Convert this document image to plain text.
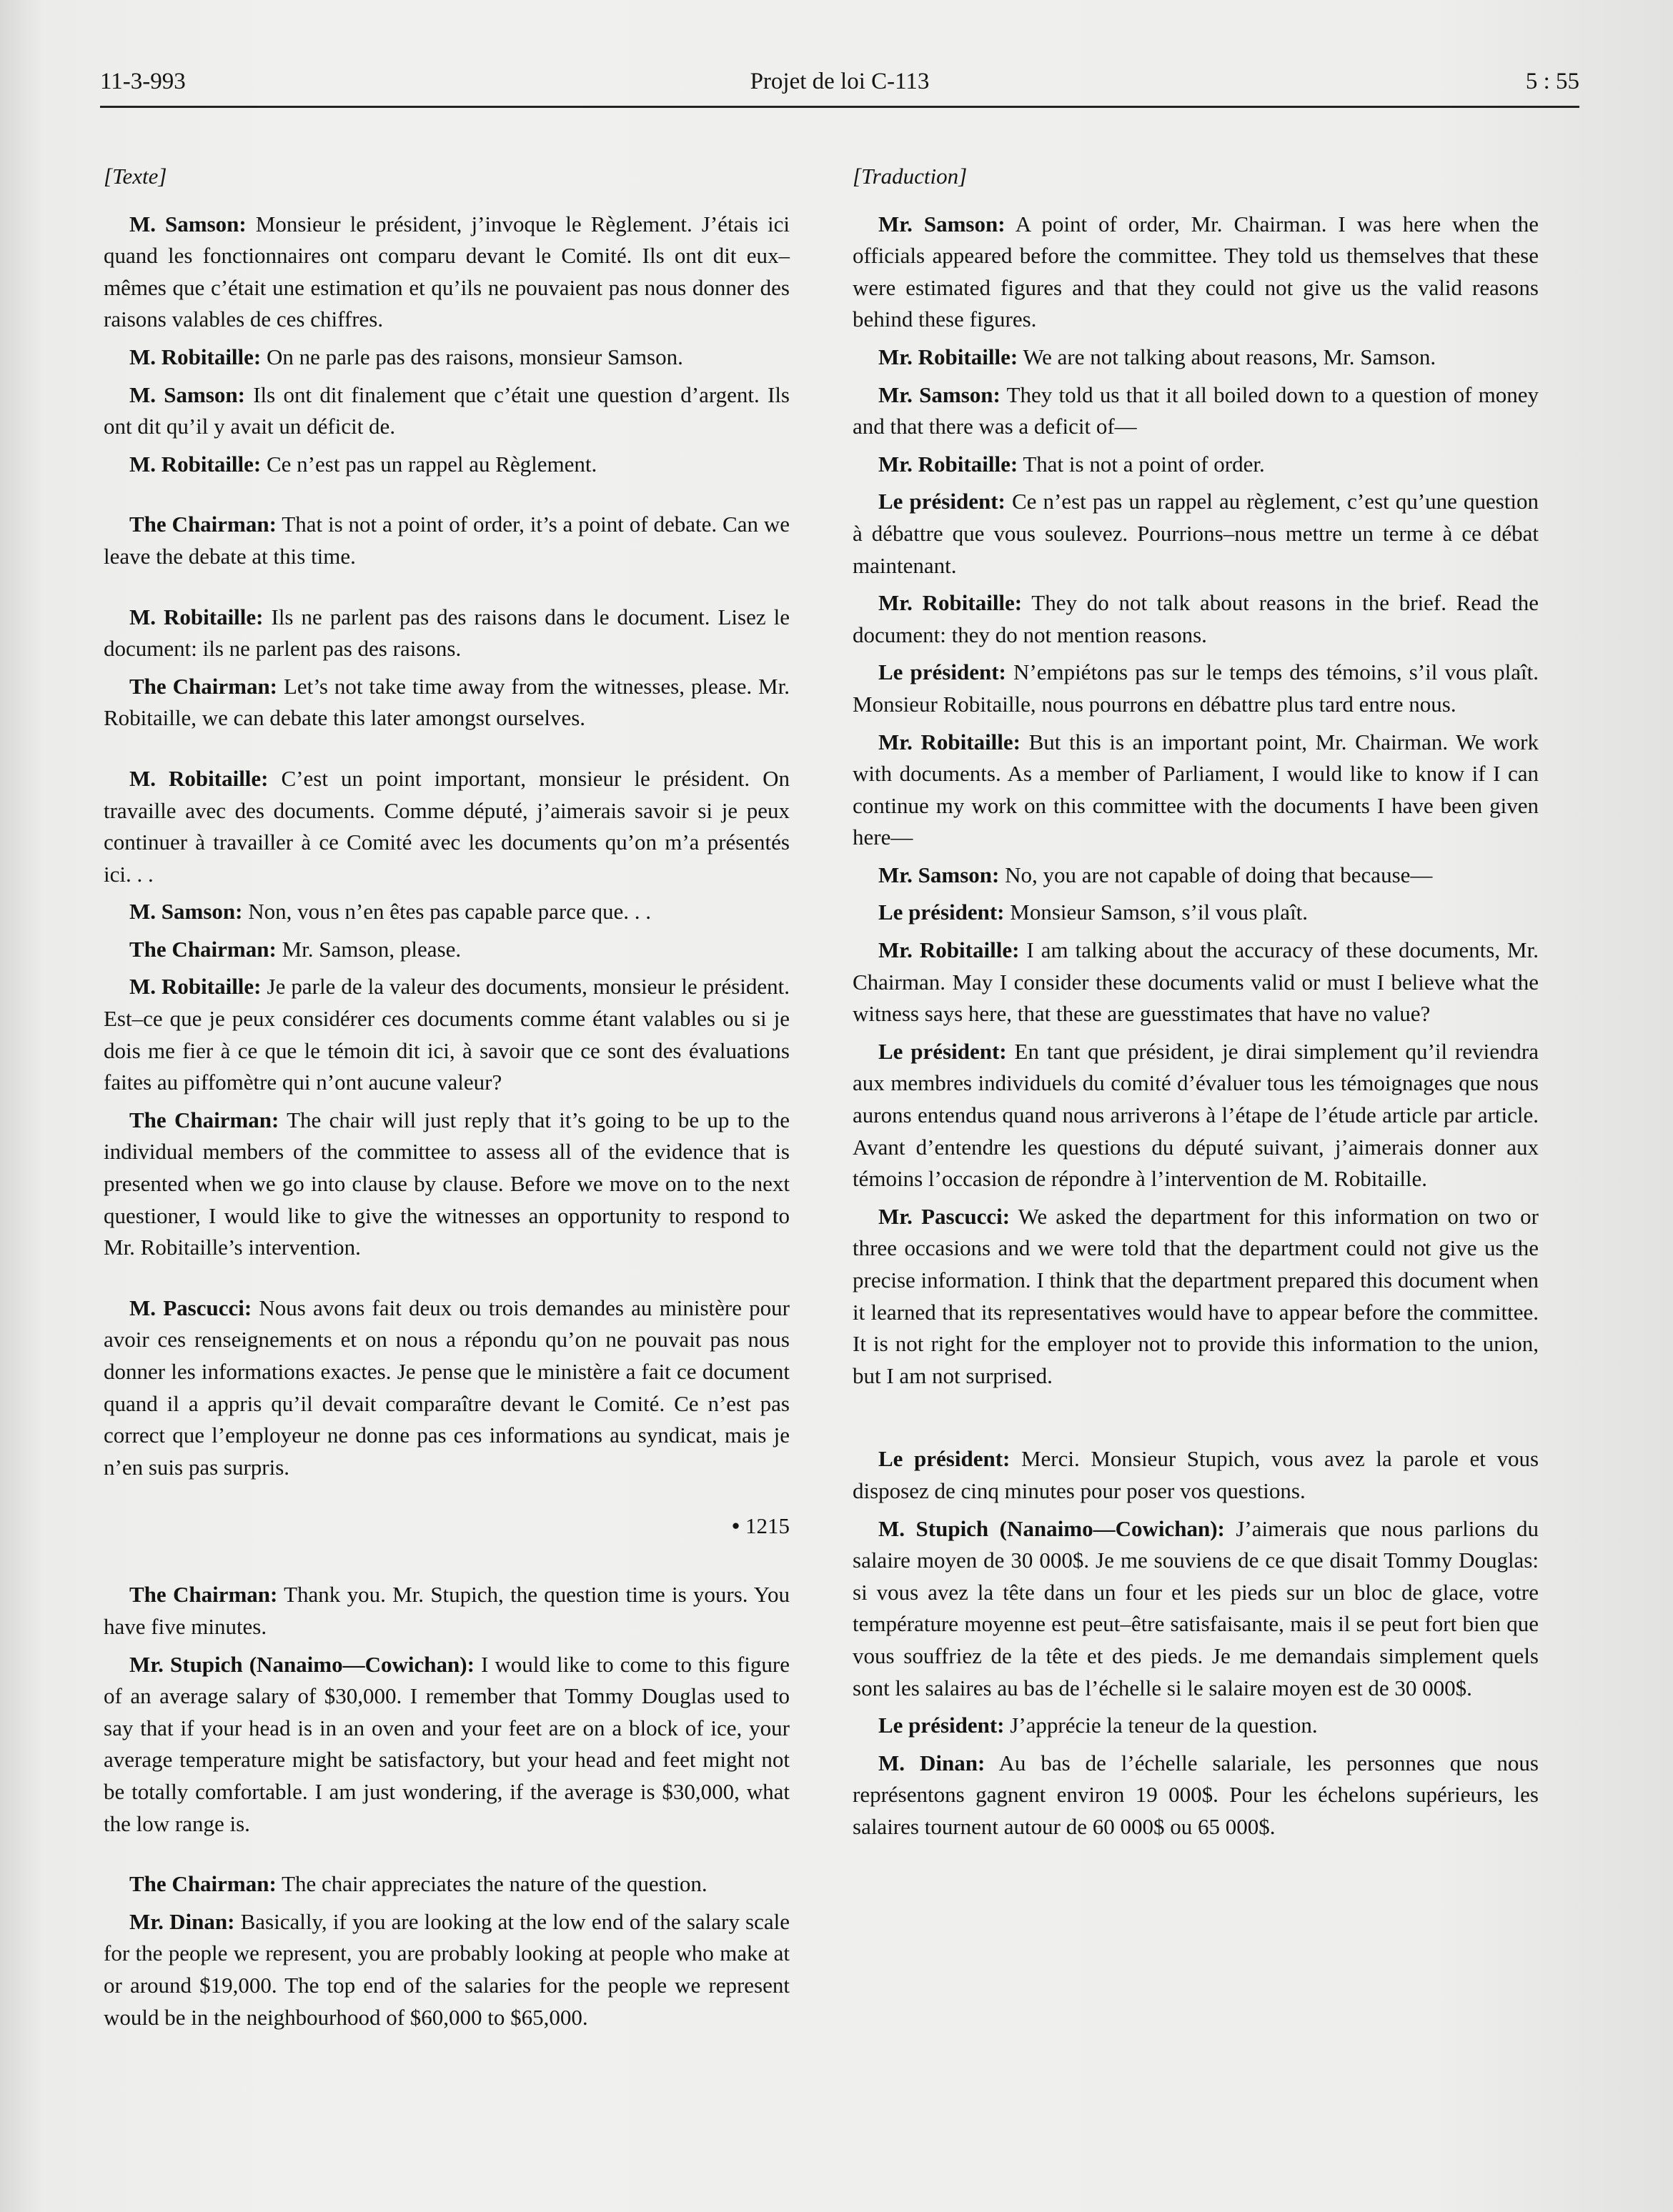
11-3-993	Projet de loi C-113	5 : 55

[Texte]

M. Samson: Monsieur le président, j’invoque le Règlement. J’étais ici quand les fonctionnaires ont comparu devant le Comité. Ils ont dit eux–mêmes que c’était une estimation et qu’ils ne pouvaient pas nous donner des raisons valables de ces chiffres.

M. Robitaille: On ne parle pas des raisons, monsieur Samson.

M. Samson: Ils ont dit finalement que c’était une question d’argent. Ils ont dit qu’il y avait un déficit de.

M. Robitaille: Ce n’est pas un rappel au Règlement.

The Chairman: That is not a point of order, it’s a point of debate. Can we leave the debate at this time.

M. Robitaille: Ils ne parlent pas des raisons dans le document. Lisez le document: ils ne parlent pas des raisons.

The Chairman: Let’s not take time away from the witnesses, please. Mr. Robitaille, we can debate this later amongst ourselves.

M. Robitaille: C’est un point important, monsieur le président. On travaille avec des documents. Comme député, j’aimerais savoir si je peux continuer à travailler à ce Comité avec les documents qu’on m’a présentés ici. . .

M. Samson: Non, vous n’en êtes pas capable parce que. . .

The Chairman: Mr. Samson, please.

M. Robitaille: Je parle de la valeur des documents, monsieur le président. Est–ce que je peux considérer ces documents comme étant valables ou si je dois me fier à ce que le témoin dit ici, à savoir que ce sont des évaluations faites au piffomètre qui n’ont aucune valeur?

The Chairman: The chair will just reply that it’s going to be up to the individual members of the committee to assess all of the evidence that is presented when we go into clause by clause. Before we move on to the next questioner, I would like to give the witnesses an opportunity to respond to Mr. Robitaille’s intervention.

M. Pascucci: Nous avons fait deux ou trois demandes au ministère pour avoir ces renseignements et on nous a répondu qu’on ne pouvait pas nous donner les informations exactes. Je pense que le ministère a fait ce document quand il a appris qu’il devait comparaître devant le Comité. Ce n’est pas correct que l’employeur ne donne pas ces informations au syndicat, mais je n’en suis pas surpris.

• 1215

The Chairman: Thank you. Mr. Stupich, the question time is yours. You have five minutes.

Mr. Stupich (Nanaimo—Cowichan): I would like to come to this figure of an average salary of $30,000. I remember that Tommy Douglas used to say that if your head is in an oven and your feet are on a block of ice, your average temperature might be satisfactory, but your head and feet might not be totally comfortable. I am just wondering, if the average is $30,000, what the low range is.

The Chairman: The chair appreciates the nature of the question.

Mr. Dinan: Basically, if you are looking at the low end of the salary scale for the people we represent, you are probably looking at people who make at or around $19,000. The top end of the salaries for the people we represent would be in the neighbourhood of $60,000 to $65,000.

[Traduction]

Mr. Samson: A point of order, Mr. Chairman. I was here when the officials appeared before the committee. They told us themselves that these were estimated figures and that they could not give us the valid reasons behind these figures.

Mr. Robitaille: We are not talking about reasons, Mr. Samson.

Mr. Samson: They told us that it all boiled down to a question of money and that there was a deficit of—

Mr. Robitaille: That is not a point of order.

Le président: Ce n’est pas un rappel au règlement, c’est qu’une question à débattre que vous soulevez. Pourrions–nous mettre un terme à ce débat maintenant.

Mr. Robitaille: They do not talk about reasons in the brief. Read the document: they do not mention reasons.

Le président: N’empiétons pas sur le temps des témoins, s’il vous plaît. Monsieur Robitaille, nous pourrons en débattre plus tard entre nous.

Mr. Robitaille: But this is an important point, Mr. Chairman. We work with documents. As a member of Parliament, I would like to know if I can continue my work on this committee with the documents I have been given here—

Mr. Samson: No, you are not capable of doing that because—

Le président: Monsieur Samson, s’il vous plaît.

Mr. Robitaille: I am talking about the accuracy of these documents, Mr. Chairman. May I consider these documents valid or must I believe what the witness says here, that these are guesstimates that have no value?

Le président: En tant que président, je dirai simplement qu’il reviendra aux membres individuels du comité d’évaluer tous les témoignages que nous aurons entendus quand nous arriverons à l’étape de l’étude article par article. Avant d’entendre les questions du député suivant, j’aimerais donner aux témoins l’occasion de répondre à l’intervention de M. Robitaille.

Mr. Pascucci: We asked the department for this information on two or three occasions and we were told that the department could not give us the precise information. I think that the department prepared this document when it learned that its representatives would have to appear before the committee. It is not right for the employer not to provide this information to the union, but I am not surprised.

Le président: Merci. Monsieur Stupich, vous avez la parole et vous disposez de cinq minutes pour poser vos questions.

M. Stupich (Nanaimo—Cowichan): J’aimerais que nous parlions du salaire moyen de 30 000$. Je me souviens de ce que disait Tommy Douglas: si vous avez la tête dans un four et les pieds sur un bloc de glace, votre température moyenne est peut–être satisfaisante, mais il se peut fort bien que vous souffriez de la tête et des pieds. Je me demandais simplement quels sont les salaires au bas de l’échelle si le salaire moyen est de 30 000$.

Le président: J’apprécie la teneur de la question.

M. Dinan: Au bas de l’échelle salariale, les personnes que nous représentons gagnent environ 19 000$. Pour les échelons supérieurs, les salaires tournent autour de 60 000$ ou 65 000$.
